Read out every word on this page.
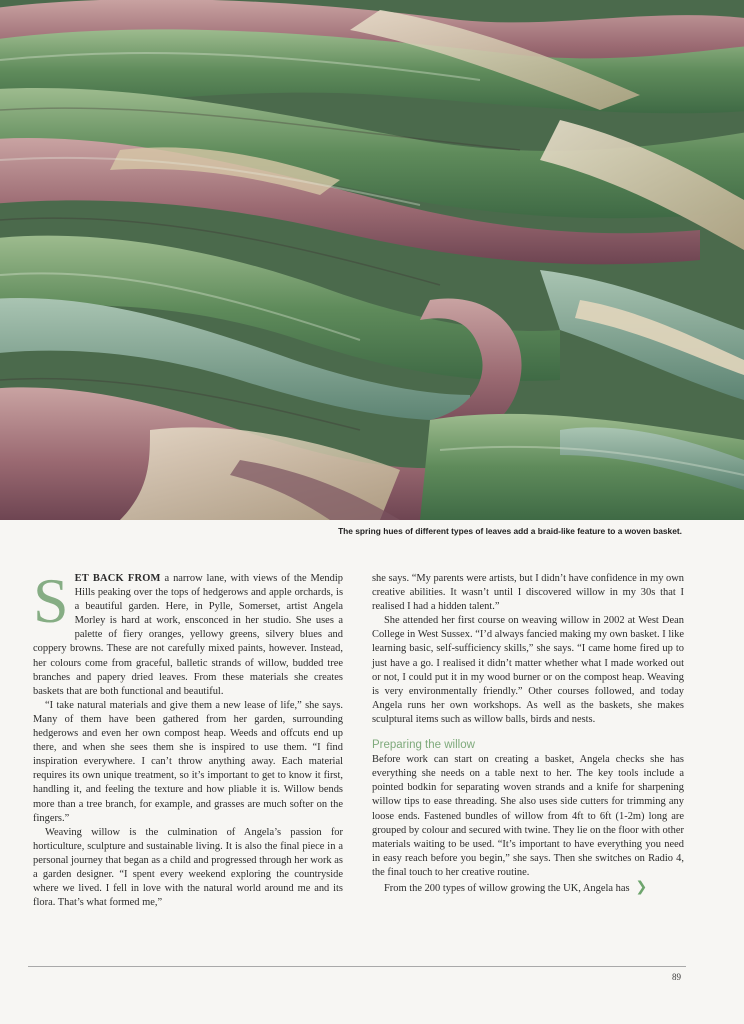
The spring hues of different types of leaves add a braid-like feature to a woven basket.

SET BACK FROM a narrow lane, with views of the Mendip Hills peaking over the tops of hedgerows and apple orchards, is a beautiful garden. Here, in Pylle, Somerset, artist Angela Morley is hard at work, ensconced in her studio. She uses a palette of fiery oranges, yellowy greens, silvery blues and coppery browns. These are not carefully mixed paints, however. Instead, her colours come from graceful, balletic strands of willow, budded tree branches and papery dried leaves. From these materials she creates baskets that are both functional and beautiful.

“I take natural materials and give them a new lease of life,” she says. Many of them have been gathered from her garden, surrounding hedgerows and even her own compost heap. Weeds and offcuts end up there, and when she sees them she is inspired to use them. “I find inspiration everywhere. I can’t throw anything away. Each material requires its own unique treatment, so it’s important to get to know it first, handling it, and feeling the texture and how pliable it is. Willow bends more than a tree branch, for example, and grasses are much softer on the fingers.”

Weaving willow is the culmination of Angela’s passion for horticulture, sculpture and sustainable living. It is also the final piece in a personal journey that began as a child and progressed through her work as a garden designer. “I spent every weekend exploring the countryside where we lived. I fell in love with the natural world around me and its flora. That’s what formed me,”

she says. “My parents were artists, but I didn’t have confidence in my own creative abilities. It wasn’t until I discovered willow in my 30s that I realised I had a hidden talent.”

She attended her first course on weaving willow in 2002 at West Dean College in West Sussex. “I’d always fancied making my own basket. I like learning basic, self-sufficiency skills,” she says. “I came home fired up to just have a go. I realised it didn’t matter whether what I made worked out or not, I could put it in my wood burner or on the compost heap. Weaving is very environmentally friendly.” Other courses followed, and today Angela runs her own workshops. As well as the baskets, she makes sculptural items such as willow balls, birds and nests.

Preparing the willow

Before work can start on creating a basket, Angela checks she has everything she needs on a table next to her. The key tools include a pointed bodkin for separating woven strands and a knife for sharpening willow tips to ease threading. She also uses side cutters for trimming any loose ends. Fastened bundles of willow from 4ft to 6ft (1-2m) long are grouped by colour and secured with twine. They lie on the floor with other materials waiting to be used. “It’s important to have everything you need in easy reach before you begin,” she says. Then she switches on Radio 4, the final touch to her creative routine.

From the 200 types of willow growing the UK, Angela has ❯

89
